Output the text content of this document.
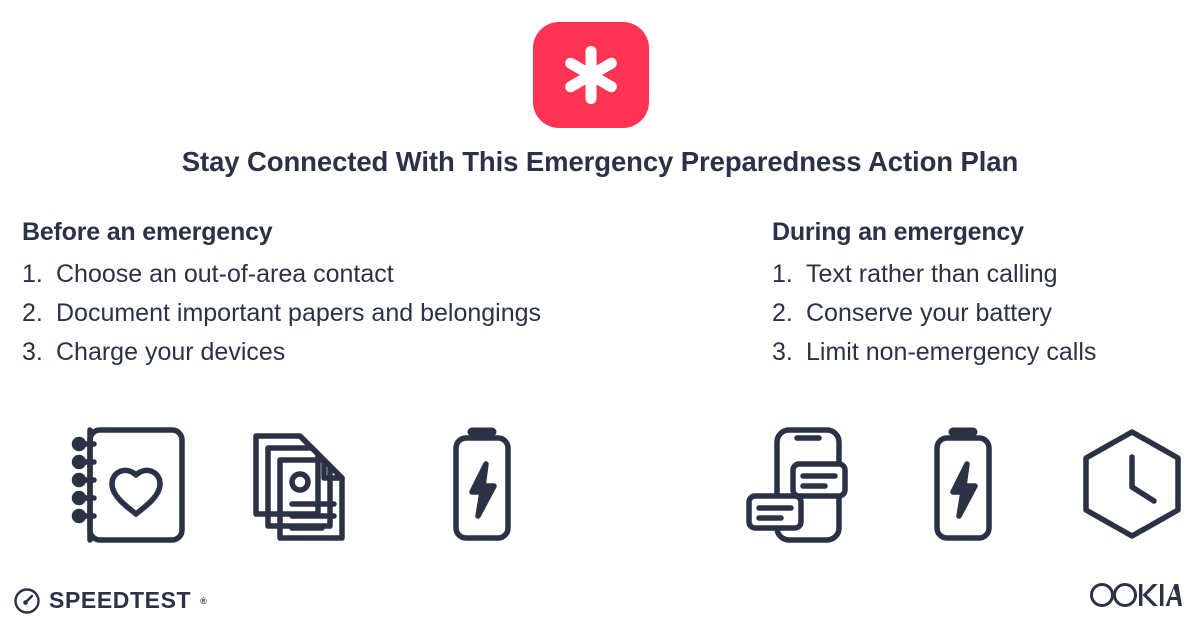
Stay Connected With This Emergency Preparedness Action Plan
Before an emergency
1. Choose an out-of-area contact
2. Document important papers and belongings
3. Charge your devices
During an emergency
1. Text rather than calling
2. Conserve your battery
3. Limit non-emergency calls
SPEEDTEST ®
